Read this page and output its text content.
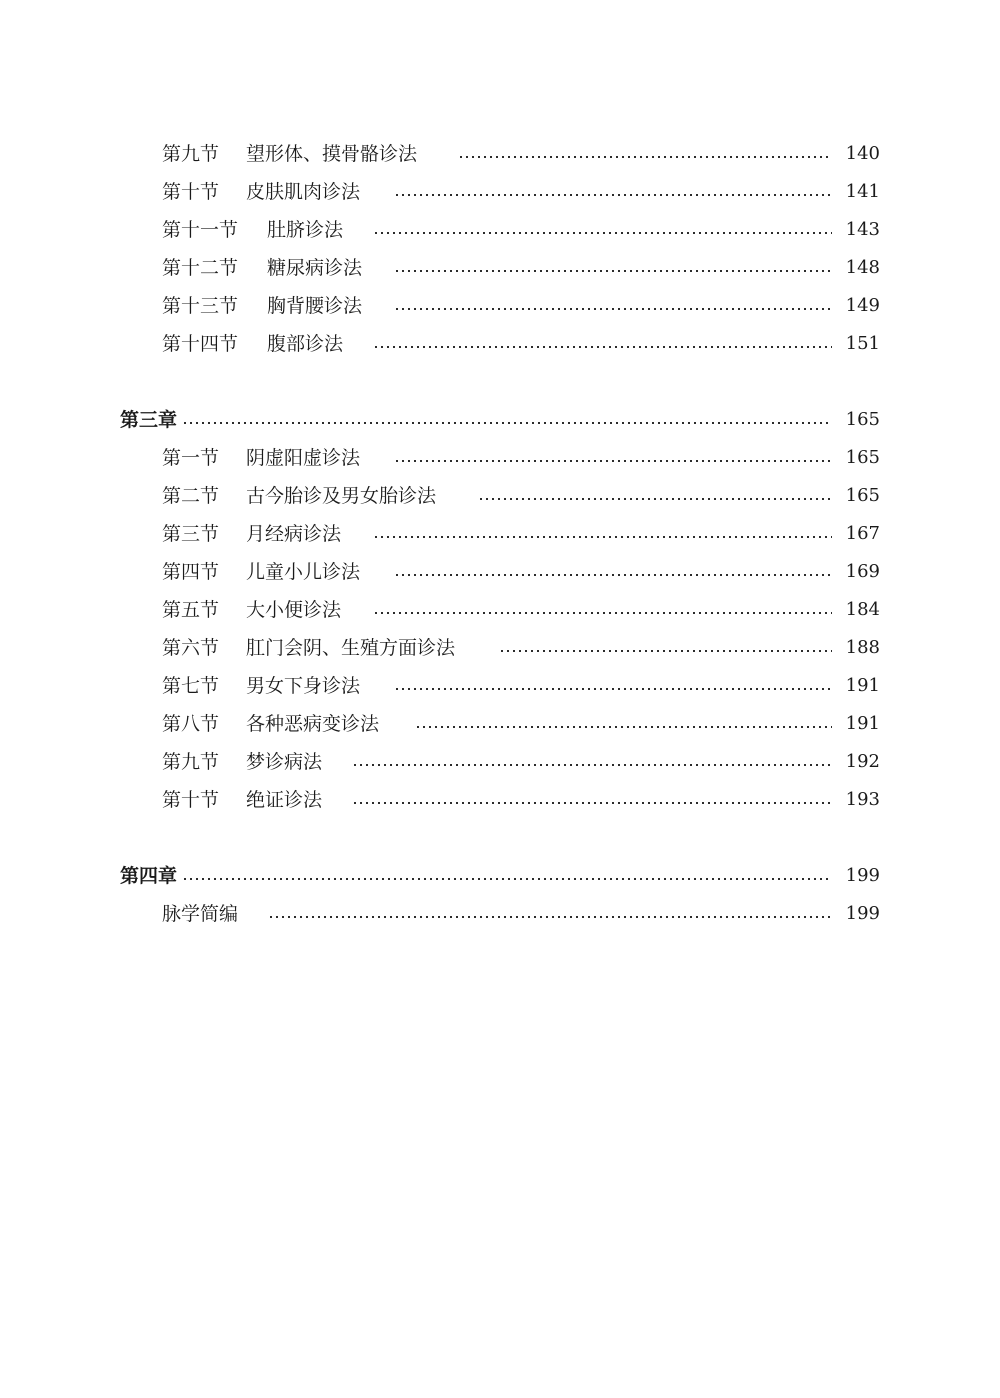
第九节 望形体、摸骨骼诊法	140
第十节 皮肤肌肉诊法	141
第十一节 肚脐诊法	143
第十二节 糖尿病诊法	148
第十三节 胸背腰诊法	149
第十四节 腹部诊法	151
第三章	165
第一节 阴虚阳虚诊法	165
第二节 古今胎诊及男女胎诊法	165
第三节 月经病诊法	167
第四节 儿童小儿诊法	169
第五节 大小便诊法	184
第六节 肛门会阴、生殖方面诊法	188
第七节 男女下身诊法	191
第八节 各种恶病变诊法	191
第九节 梦诊病法	192
第十节 绝证诊法	193
第四章	199
脉学简编	199
